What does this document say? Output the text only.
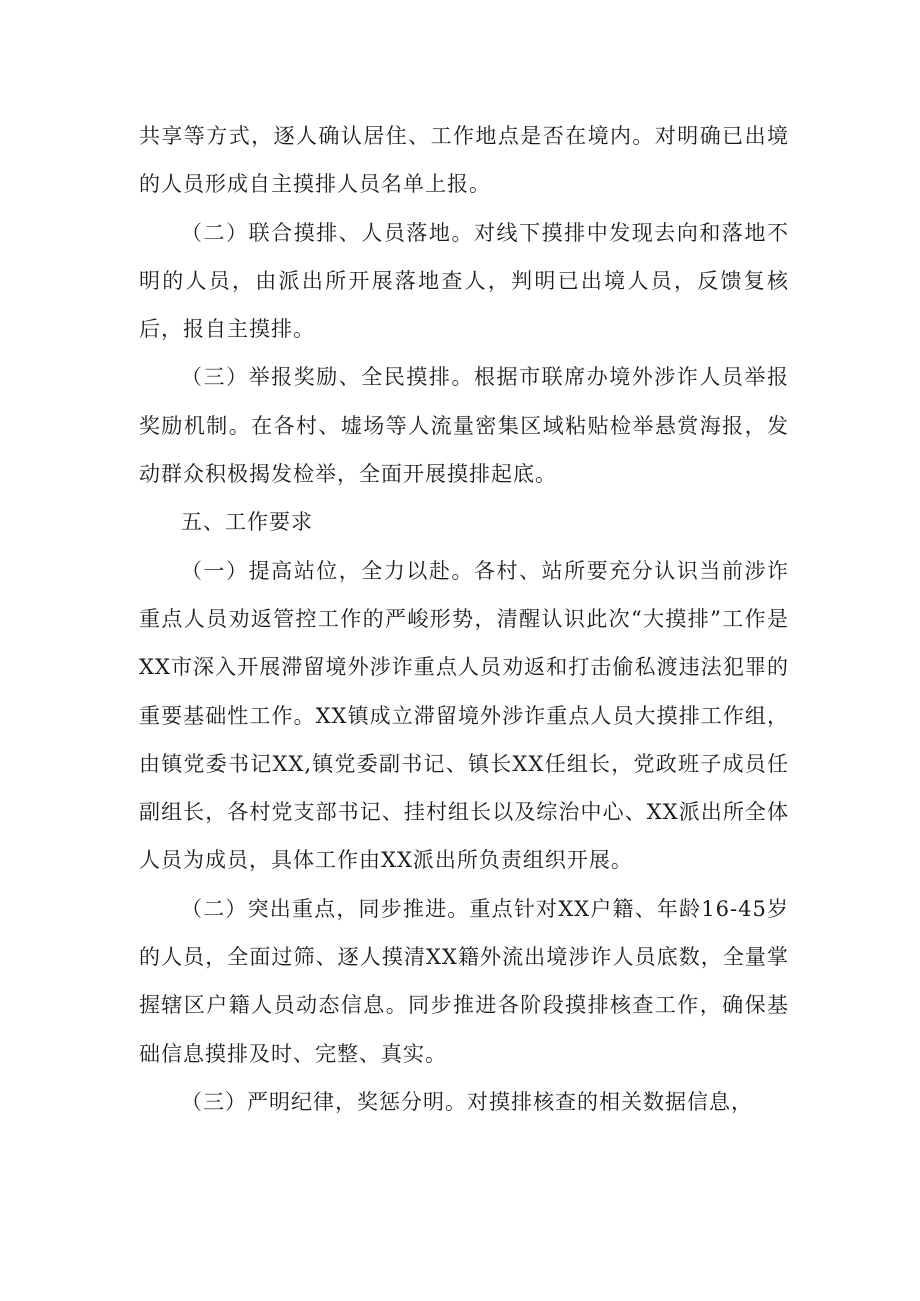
共享等方式，逐人确认居住、工作地点是否在境内。对明确已出境的人员形成自主摸排人员名单上报。

（二）联合摸排、人员落地。对线下摸排中发现去向和落地不明的人员，由派出所开展落地查人，判明已出境人员，反馈复核后，报自主摸排。

（三）举报奖励、全民摸排。根据市联席办境外涉诈人员举报奖励机制。在各村、墟场等人流量密集区域粘贴检举悬赏海报，发动群众积极揭发检举，全面开展摸排起底。

五、工作要求

（一）提高站位，全力以赴。各村、站所要充分认识当前涉诈重点人员劝返管控工作的严峻形势，清醒认识此次“大摸排”工作是XX市深入开展滞留境外涉诈重点人员劝返和打击偷私渡违法犯罪的重要基础性工作。XX镇成立滞留境外涉诈重点人员大摸排工作组，由镇党委书记XX,镇党委副书记、镇长XX任组长，党政班子成员任副组长，各村党支部书记、挂村组长以及综治中心、XX派出所全体人员为成员，具体工作由XX派出所负责组织开展。

（二）突出重点，同步推进。重点针对XX户籍、年龄16-45岁的人员，全面过筛、逐人摸清XX籍外流出境涉诈人员底数，全量掌握辖区户籍人员动态信息。同步推进各阶段摸排核查工作，确保基础信息摸排及时、完整、真实。

（三）严明纪律，奖惩分明。对摸排核查的相关数据信息，
